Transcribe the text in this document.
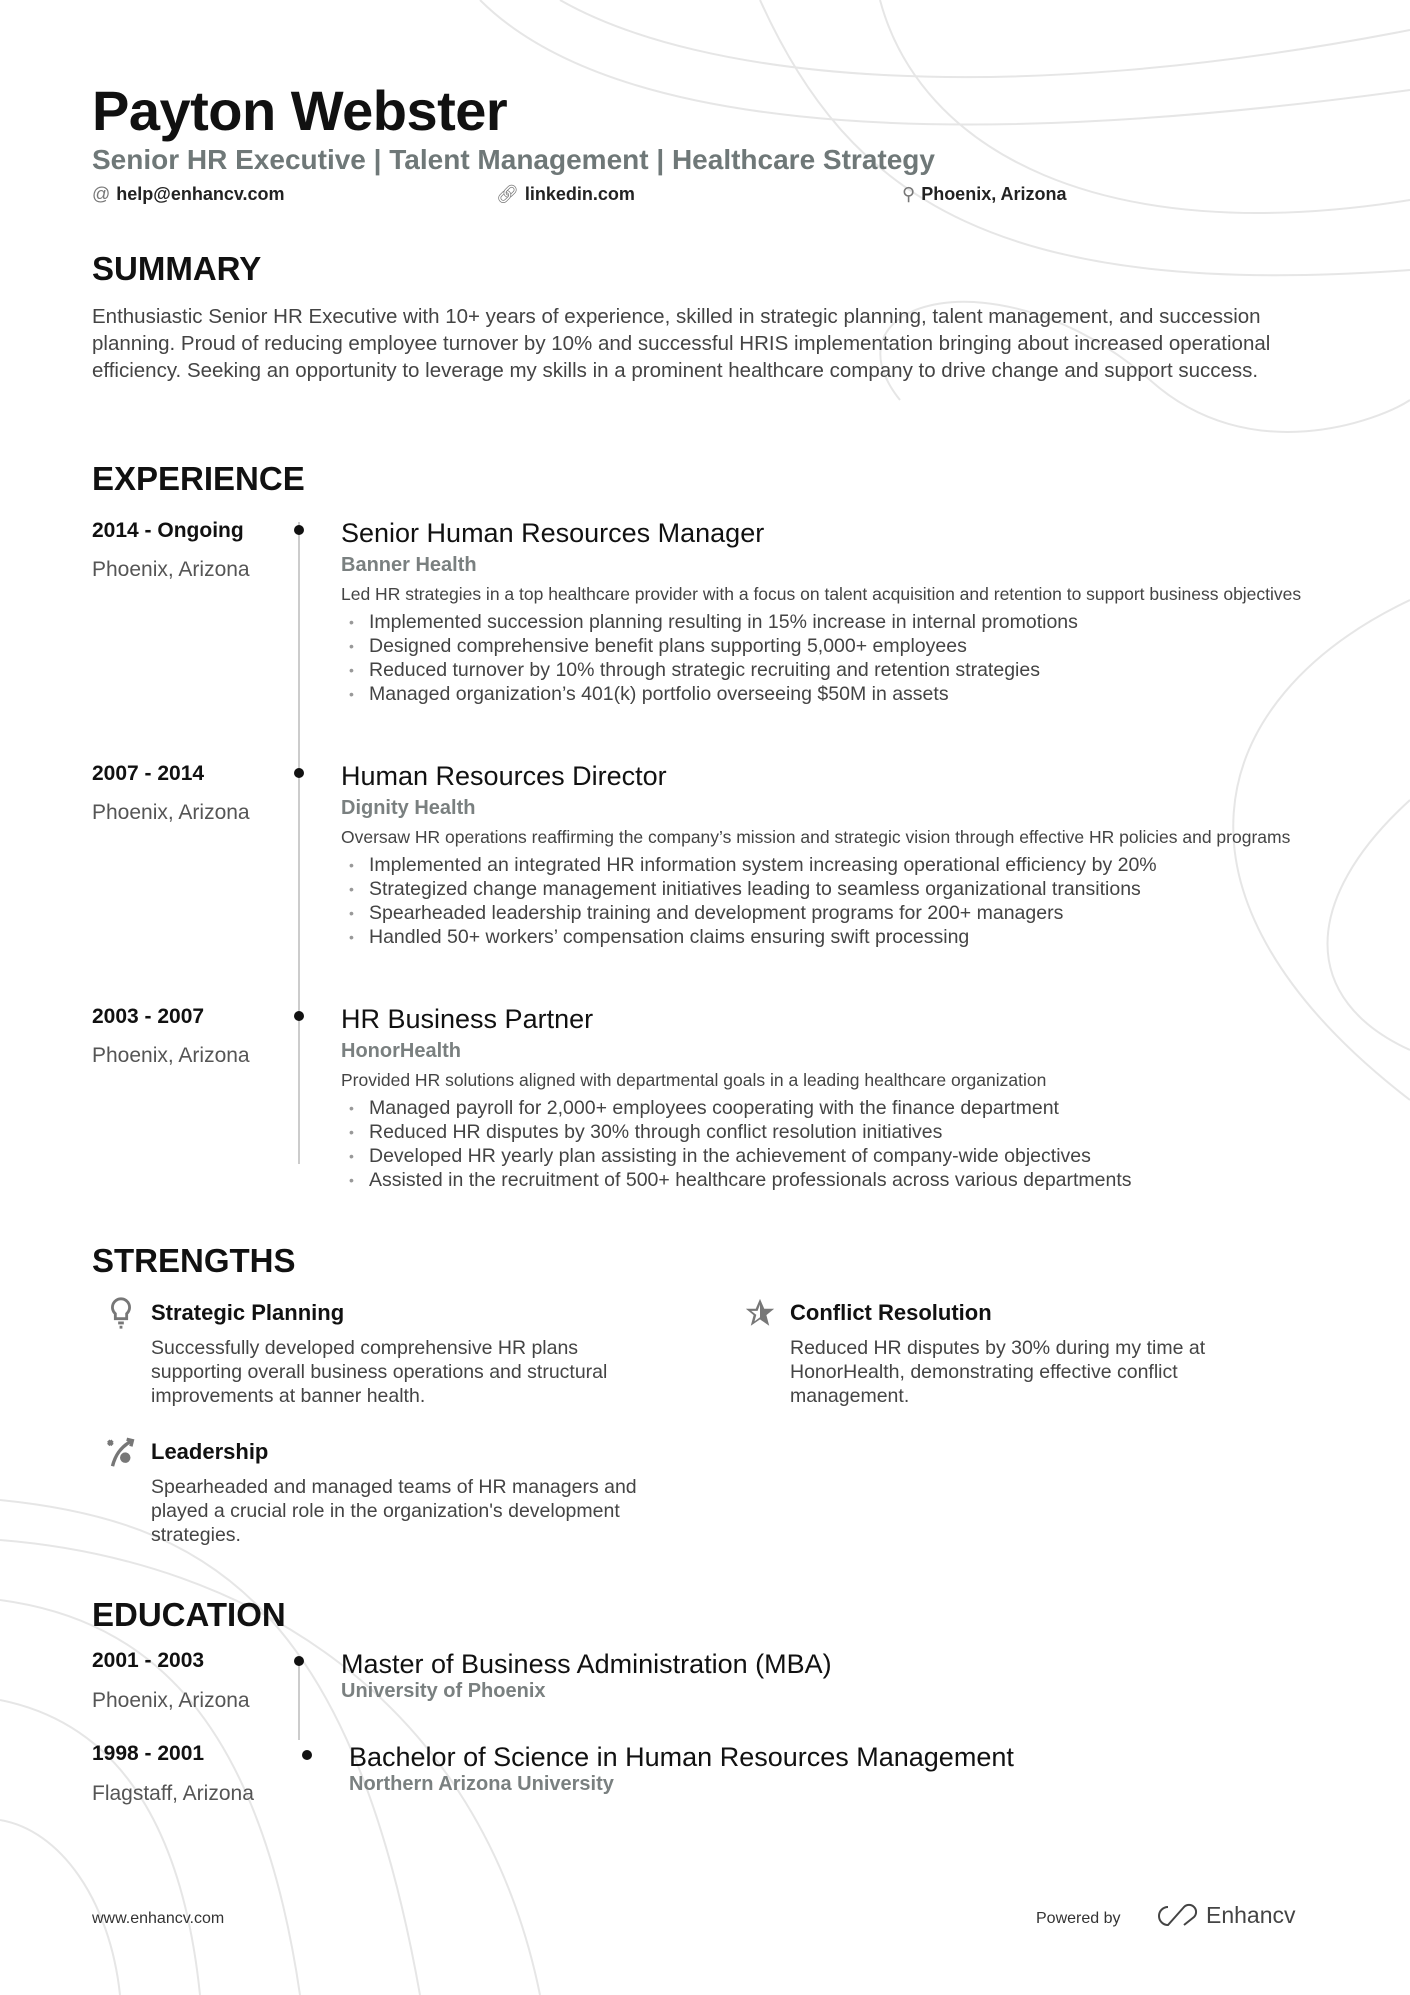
Payton Webster
Senior HR Executive | Talent Management | Healthcare Strategy
@ help@enhancv.com	🔗︎ linkedin.com	⚲ Phoenix, Arizona
SUMMARY
Enthusiastic Senior HR Executive with 10+ years of experience, skilled in strategic planning, talent management, and succession planning. Proud of reducing employee turnover by 10% and successful HRIS implementation bringing about increased operational efficiency. Seeking an opportunity to leverage my skills in a prominent healthcare company to drive change and support success.
EXPERIENCE
2014 - Ongoing
Phoenix, Arizona
Senior Human Resources Manager
Banner Health
Led HR strategies in a top healthcare provider with a focus on talent acquisition and retention to support business objectives
• Implemented succession planning resulting in 15% increase in internal promotions
• Designed comprehensive benefit plans supporting 5,000+ employees
• Reduced turnover by 10% through strategic recruiting and retention strategies
• Managed organization’s 401(k) portfolio overseeing $50M in assets
2007 - 2014
Phoenix, Arizona
Human Resources Director
Dignity Health
Oversaw HR operations reaffirming the company’s mission and strategic vision through effective HR policies and programs
• Implemented an integrated HR information system increasing operational efficiency by 20%
• Strategized change management initiatives leading to seamless organizational transitions
• Spearheaded leadership training and development programs for 200+ managers
• Handled 50+ workers’ compensation claims ensuring swift processing
2003 - 2007
Phoenix, Arizona
HR Business Partner
HonorHealth
Provided HR solutions aligned with departmental goals in a leading healthcare organization
• Managed payroll for 2,000+ employees cooperating with the finance department
• Reduced HR disputes by 30% through conflict resolution initiatives
• Developed HR yearly plan assisting in the achievement of company-wide objectives
• Assisted in the recruitment of 500+ healthcare professionals across various departments
STRENGTHS
Strategic Planning
Successfully developed comprehensive HR plans supporting overall business operations and structural improvements at banner health.
Conflict Resolution
Reduced HR disputes by 30% during my time at HonorHealth, demonstrating effective conflict management.
Leadership
Spearheaded and managed teams of HR managers and played a crucial role in the organization's development strategies.
EDUCATION
2001 - 2003
Phoenix, Arizona
Master of Business Administration (MBA)
University of Phoenix
1998 - 2001
Flagstaff, Arizona
Bachelor of Science in Human Resources Management
Northern Arizona University
www.enhancv.com	Powered by	Enhancv
